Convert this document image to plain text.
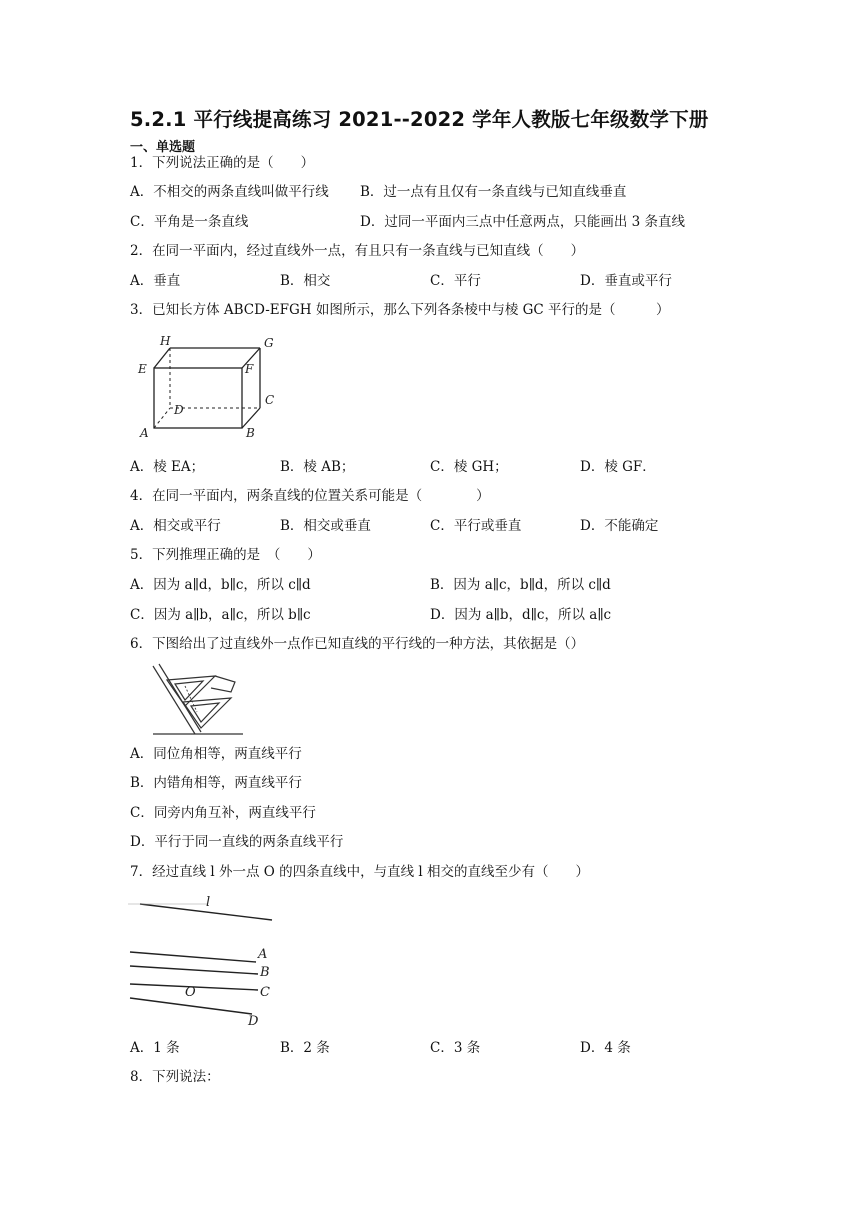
5.2.1 平行线提高练习 2021--2022 学年人教版七年级数学下册
一、单选题
1．下列说法正确的是（　　）
A．不相交的两条直线叫做平行线 B．过一点有且仅有一条直线与已知直线垂直
C．平角是一条直线	D．过同一平面内三点中任意两点，只能画出 3 条直线
2．在同一平面内，经过直线外一点，有且只有一条直线与已知直线（　　）
A．垂直	B．相交	C．平行	D．垂直或平行
3．已知长方体 ABCD-EFGH 如图所示，那么下列各条棱中与棱 GC 平行的是（　　　）
H	G
E	F
D
C
A	B
A．棱 EA；	B．棱 AB；	C．棱 GH；	D．棱 GF．
4．在同一平面内，两条直线的位置关系可能是（　　　　）
A．相交或平行	B．相交或垂直	C．平行或垂直	D．不能确定
5．下列推理正确的是　（　　）
A．因为 a∥d，b∥c，所以 c∥d	B．因为 a∥c，b∥d，所以 c∥d
C．因为 a∥b，a∥c，所以 b∥c	D．因为 a∥b，d∥c，所以 a∥c
6．下图给出了过直线外一点作已知直线的平行线的一种方法，其依据是（）
A．同位角相等，两直线平行
B．内错角相等，两直线平行
C．同旁内角互补，两直线平行
D．平行于同一直线的两条直线平行
7．经过直线 l 外一点 O 的四条直线中，与直线 l 相交的直线至少有（　　）
l
A
B
C
D
O
A．1 条	B．2 条	C．3 条	D．4 条
8．下列说法：
